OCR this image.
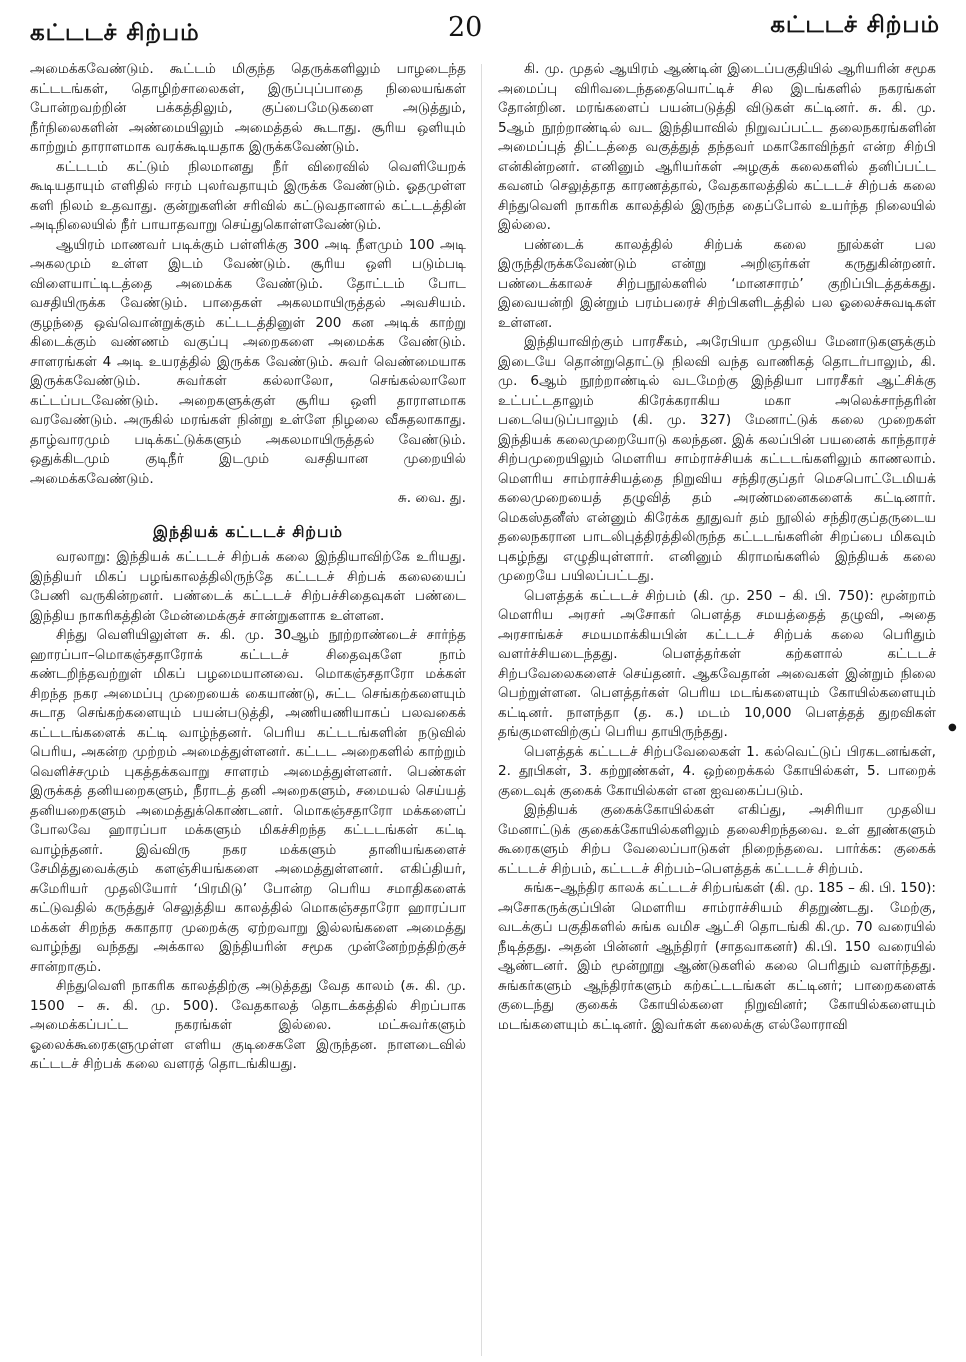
கட்டடச் சிற்பம்	20	கட்டடச் சிற்பம்

அமைக்கவேண்டும். கூட்டம் மிகுந்த தெருக்களிலும் பாழடைந்த கட்டடங்கள், தொழிற்சாலைகள், இருப்புப்பாதை நிலையங்கள் போன்றவற்றின் பக்கத்திலும், குப்பைமேடுகளை அடுத்தும், நீர்நிலைகளின் அண்மையிலும் அமைத்தல் கூடாது. சூரிய ஒளியும் காற்றும் தாராளமாக வரக்கூடியதாக இருக்கவேண்டும்.

கட்டடம் கட்டும் நிலமானது நீர் விரைவில் வெளியேறக் கூடியதாயும் எளிதில் ஈரம் புலர்வதாயும் இருக்க வேண்டும். ஓதமுள்ள களி நிலம் உதவாது. குன்றுகளின் சரிவில் கட்டுவதானால் கட்டடத்தின் அடிநிலையில் நீர் பாயாதவாறு செய்துகொள்ளவேண்டும்.

ஆயிரம் மாணவர் படிக்கும் பள்ளிக்கு 300 அடி நீளமும் 100 அடி அகலமும் உள்ள இடம் வேண்டும். சூரிய ஒளி படும்படி விளையாட்டிடத்தை அமைக்க வேண்டும். தோட்டம் போட வசதியிருக்க வேண்டும். பாதைகள் அகலமாயிருத்தல் அவசியம். குழந்தை ஒவ்வொன்றுக்கும் கட்டடத்தினுள் 200 கன அடிக் காற்று கிடைக்கும் வண்ணம் வகுப்பு அறைகளை அமைக்க வேண்டும். சாளரங்கள் 4 அடி உயரத்தில் இருக்க வேண்டும். சுவர் வெண்மையாக இருக்கவேண்டும். சுவர்கள் கல்லாலோ, செங்கல்லாலோ கட்டப்படவேண்டும். அறைகளுக்குள் சூரிய ஒளி தாராளமாக வரவேண்டும். அருகில் மரங்கள் நின்று உள்ளே நிழலை வீசுதலாகாது. தாழ்வாரமும் படிக்கட்டுக்களும் அகலமாயிருத்தல் வேண்டும். ஒதுக்கிடமும் குடிநீர் இடமும் வசதியான முறையில் அமைக்கவேண்டும்.

சு. வை. து.

இந்தியக் கட்டடச் சிற்பம்

வரலாறு: இந்தியக் கட்டடச் சிற்பக் கலை இந்தியாவிற்கே உரியது. இந்தியர் மிகப் பழங்காலத்திலிருந்தே கட்டடச் சிற்பக் கலையைப் பேணி வருகின்றனர். பண்டைக் கட்டடச் சிற்பச்சிதைவுகள் பண்டை இந்திய நாகரிகத்தின் மேன்மைக்குச் சான்றுகளாக உள்ளன.

சிந்து வெளியிலுள்ள சு. கி. மு. 30ஆம் நூற்றாண்டைச் சார்ந்த ஹாரப்பா–மொகஞ்சதாரோக் கட்டடச் சிதைவுகளே நாம் கண்டறிந்தவற்றுள் மிகப் பழமையானவை. மொகஞ்சதாரோ மக்கள் சிறந்த நகர அமைப்பு முறையைக் கையாண்டு, சுட்ட செங்கற்களையும் சுடாத செங்கற்களையும் பயன்படுத்தி, அணியணியாகப் பலவகைக் கட்டடங்களைக் கட்டி வாழ்ந்தனர். பெரிய கட்டடங்களின் நடுவில் பெரிய, அகன்ற முற்றம் அமைத்துள்ளனர். கட்டட அறைகளில் காற்றும் வெளிச்சமும் புகத்தக்கவாறு சாளரம் அமைத்துள்ளனர். பெண்கள் இருக்கத் தனியறைகளும், நீராடத் தனி அறைகளும், சமையல் செய்யத் தனியறைகளும் அமைத்துக்கொண்டனர். மொகஞ்சதாரோ மக்களைப் போலவே ஹாரப்பா மக்களும் மிகச்சிறந்த கட்டடங்கள் கட்டி வாழ்ந்தனர். இவ்விரு நகர மக்களும் தானியங்களைச் சேமித்துவைக்கும் களஞ்சியங்களை அமைத்துள்ளனர். எகிப்தியர், சுமேரியர் முதலியோர் ‘பிரமிடு’ போன்ற பெரிய சமாதிகளைக் கட்டுவதில் கருத்துச் செலுத்திய காலத்தில் மொகஞ்சதாரோ ஹாரப்பா மக்கள் சிறந்த சுகாதார முறைக்கு ஏற்றவாறு இல்லங்களை அமைத்து வாழ்ந்து வந்தது அக்கால இந்தியரின் சமூக முன்னேற்றத்திற்குச் சான்றாகும்.

சிந்துவெளி நாகரிக காலத்திற்கு அடுத்தது வேத காலம் (சு. கி. மு. 1500 – சு. கி. மு. 500). வேதகாலத் தொடக்கத்தில் சிறப்பாக அமைக்கப்பட்ட நகரங்கள் இல்லை. மட்சுவர்களும் ஓலைக்கூரைகளுமுள்ள எளிய குடிசைகளே இருந்தன. நாளடைவில் கட்டடச் சிற்பக் கலை வளரத் தொடங்கியது.

கி. மு. முதல் ஆயிரம் ஆண்டின் இடைப்பகுதியில் ஆரியரின் சமூக அமைப்பு விரிவடைந்ததையொட்டிச் சில இடங்களில் நகரங்கள் தோன்றின. மரங்களைப் பயன்படுத்தி விடுகள் கட்டினர். சு. கி. மு. 5ஆம் நூற்றாண்டில் வட இந்தியாவில் நிறுவப்பட்ட தலைநகரங்களின் அமைப்புத் திட்டத்தை வகுத்துத் தந்தவர் மகாகோவிந்தர் என்ற சிற்பி என்கின்றனர். எனினும் ஆரியர்கள் அழகுக் கலைகளில் தனிப்பட்ட கவனம் செலுத்தாத காரணத்தால், வேதகாலத்தில் கட்டடச் சிற்பக் கலை சிந்துவெளி நாகரிக காலத்தில் இருந்த தைப்போல் உயர்ந்த நிலையில் இல்லை.

பண்டைக் காலத்தில் சிற்பக் கலை நூல்கள் பல இருந்திருக்கவேண்டும் என்று அறிஞர்கள் கருதுகின்றனர். பண்டைக்காலச் சிற்பநூல்களில் ‘மானசாரம்’ குறிப்பிடத்தக்கது. இவையன்றி இன்றும் பரம்பரைச் சிற்பிகளிடத்தில் பல ஓலைச்சுவடிகள் உள்ளன.

இந்தியாவிற்கும் பாரசீகம், அரேபியா முதலிய மேனாடுகளுக்கும் இடையே தொன்றுதொட்டு நிலவி வந்த வாணிகத் தொடர்பாலும், கி. மு. 6ஆம் நூற்றாண்டில் வடமேற்கு இந்தியா பாரசீகர் ஆட்சிக்கு உட்பட்டதாலும் கிரேக்கராகிய மகா அலெக்சாந்தரின் படையெடுப்பாலும் (கி. மு. 327) மேனாட்டுக் கலை முறைகள் இந்தியக் கலைமுறையோடு கலந்தன. இக் கலப்பின் பயனைக் காந்தாரச் சிற்பமுறையிலும் மௌரிய சாம்ராச்சியக் கட்டடங்களிலும் காணலாம். மௌரிய சாம்ராச்சியத்தை நிறுவிய சந்திரகுப்தர் மெசபொட்டேமியக் கலைமுறையைத் தழுவித் தம் அரண்மனைகளைக் கட்டினார். மெகஸ்தனீஸ் என்னும் கிரேக்க தூதுவர் தம் நூலில் சந்திரகுப்தருடைய தலைநகரான பாடலிபுத்திரத்திலிருந்த கட்டடங்களின் சிறப்பை மிகவும் புகழ்ந்து எழுதியுள்ளார். எனினும் கிராமங்களில் இந்தியக் கலை முறையே பயிலப்பட்டது.

பௌத்தக் கட்டடச் சிற்பம் (கி. மு. 250 – கி. பி. 750): மூன்றாம் மௌரிய அரசர் அசோகர் பௌத்த சமயத்தைத் தழுவி, அதை அரசாங்கச் சமயமாக்கியபின் கட்டடச் சிற்பக் கலை பெரிதும் வளர்ச்சியடைந்தது. பௌத்தர்கள் கற்களால் கட்டடச் சிற்பவேலைகளைச் செய்தனர். ஆகவேதான் அவைகள் இன்றும் நிலை பெற்றுள்ளன. பௌத்தர்கள் பெரிய மடங்களையும் கோயில்களையும் கட்டினர். நாளந்தா (த. க.) மடம் 10,000 பௌத்தத் துறவிகள் தங்குமளவிற்குப் பெரிய தாயிருந்தது.

பௌத்தக் கட்டடச் சிற்பவேலைகள் 1. கல்வெட்டுப் பிரகடனங்கள், 2. தூபிகள், 3. கற்றூண்கள், 4. ஒற்றைக்கல் கோயில்கள், 5. பாறைக் குடைவுக் குகைக் கோயில்கள் என ஐவகைப்படும்.

இந்தியக் குகைக்கோயில்கள் எகிப்து, அசிரியா முதலிய மேனாட்டுக் குகைக்கோயில்களிலும் தலைசிறந்தவை. உள் தூண்களும் கூரைகளும் சிற்ப வேலைப்பாடுகள் நிறைந்தவை. பார்க்க: குகைக் கட்டடச் சிற்பம், கட்டடச் சிற்பம்–பௌத்தக் கட்டடச் சிற்பம்.

சுங்க–ஆந்திர காலக் கட்டடச் சிற்பங்கள் (கி. மு. 185 – கி. பி. 150): அசோகருக்குப்பின் மௌரிய சாம்ராச்சியம் சிதறுண்டது. மேற்கு, வடக்குப் பகுதிகளில் சுங்க வமிச ஆட்சி தொடங்கி கி.மு. 70 வரையில் நீடித்தது. அதன் பின்னர் ஆந்திரர் (சாதவாகனர்) கி.பி. 150 வரையில் ஆண்டனர். இம் மூன்றூறு ஆண்டுகளில் கலை பெரிதும் வளர்ந்தது. சுங்கர்களும் ஆந்திரர்களும் கற்கட்டடங்கள் கட்டினர்; பாறைகளைக் குடைந்து குகைக் கோயில்களை நிறுவினர்; கோயில்களையும் மடங்களையும் கட்டினர். இவர்கள் கலைக்கு எல்லோராவி

●
